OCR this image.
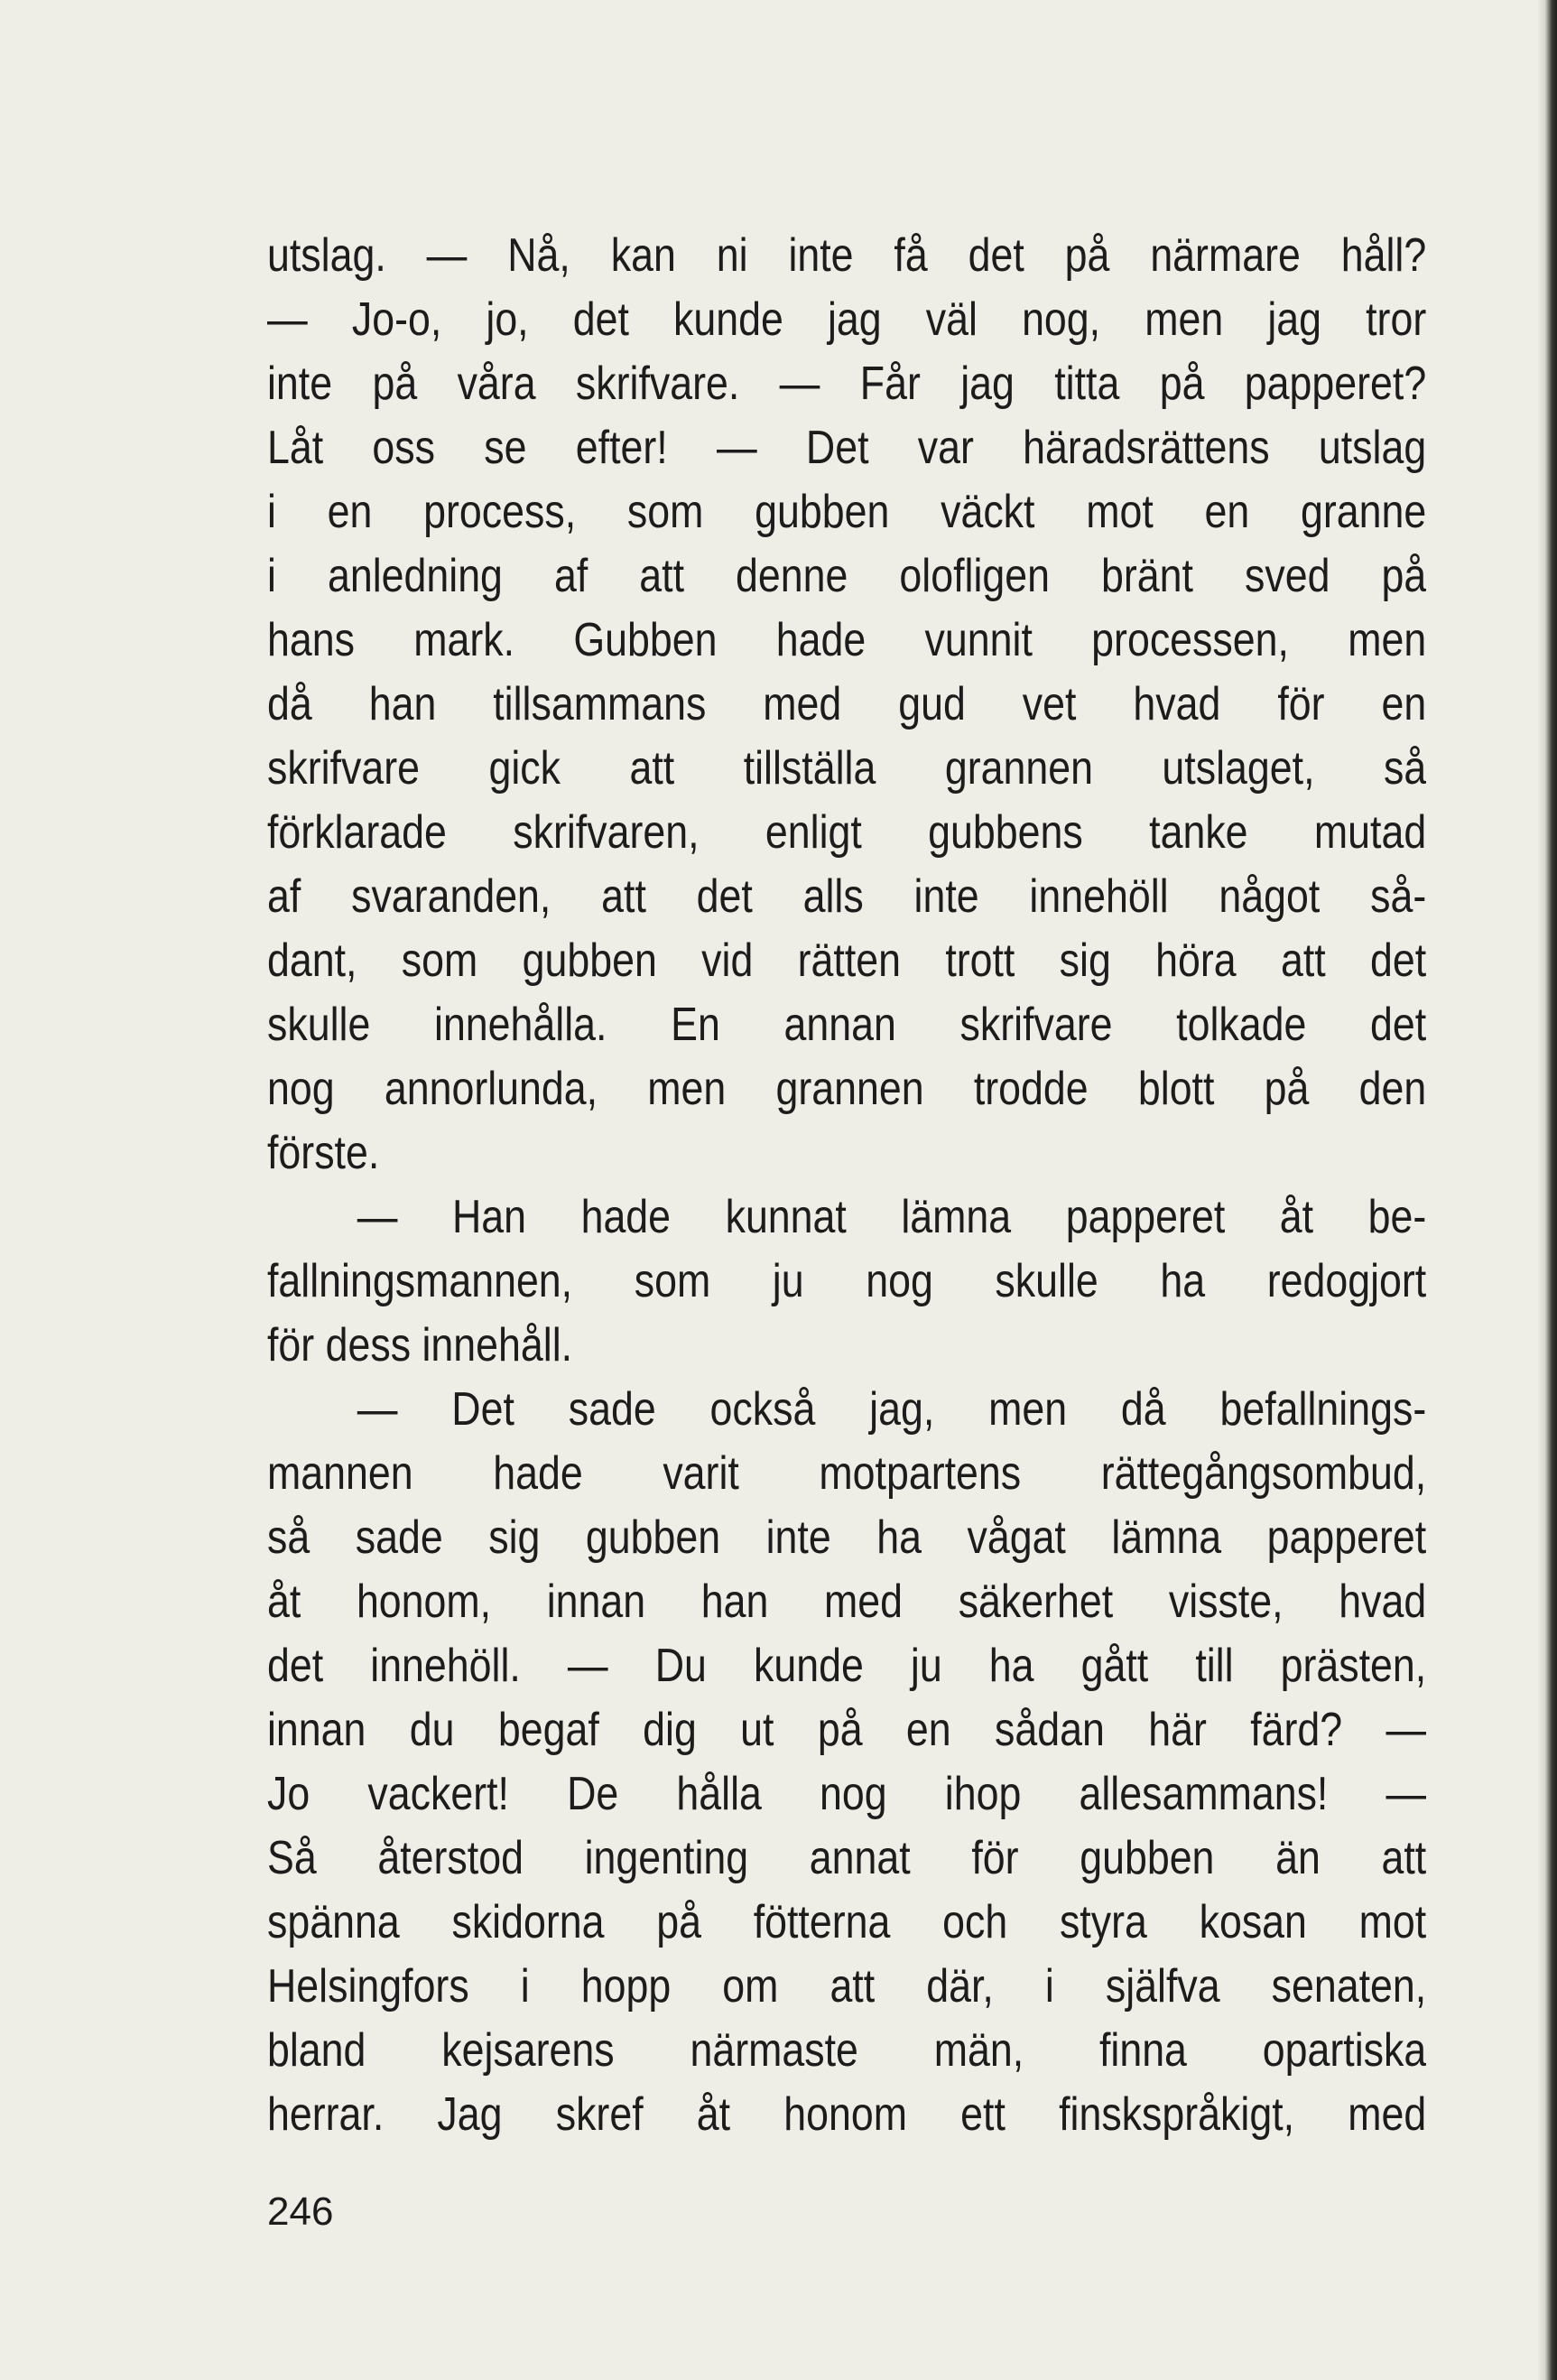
utslag. — Nå, kan ni inte få det på närmare håll?
— Jo-o, jo, det kunde jag väl nog, men jag tror
inte på våra skrifvare. — Får jag titta på papperet?
Låt oss se efter! — Det var häradsrättens utslag
i en process, som gubben väckt mot en granne
i anledning af att denne olofligen bränt sved på
hans mark. Gubben hade vunnit processen, men
då han tillsammans med gud vet hvad för en
skrifvare gick att tillställa grannen utslaget, så
förklarade skrifvaren, enligt gubbens tanke mutad
af svaranden, att det alls inte innehöll något så-
dant, som gubben vid rätten trott sig höra att det
skulle innehålla. En annan skrifvare tolkade det
nog annorlunda, men grannen trodde blott på den
förste.
— Han hade kunnat lämna papperet åt be-
fallningsmannen, som ju nog skulle ha redogjort
för dess innehåll.
— Det sade också jag, men då befallnings-
mannen hade varit motpartens rättegångsombud,
så sade sig gubben inte ha vågat lämna papperet
åt honom, innan han med säkerhet visste, hvad
det innehöll. — Du kunde ju ha gått till prästen,
innan du begaf dig ut på en sådan här färd? —
Jo vackert! De hålla nog ihop allesammans! —
Så återstod ingenting annat för gubben än att
spänna skidorna på fötterna och styra kosan mot
Helsingfors i hopp om att där, i själfva senaten,
bland kejsarens närmaste män, finna opartiska
herrar. Jag skref åt honom ett finskspråkigt, med
246
